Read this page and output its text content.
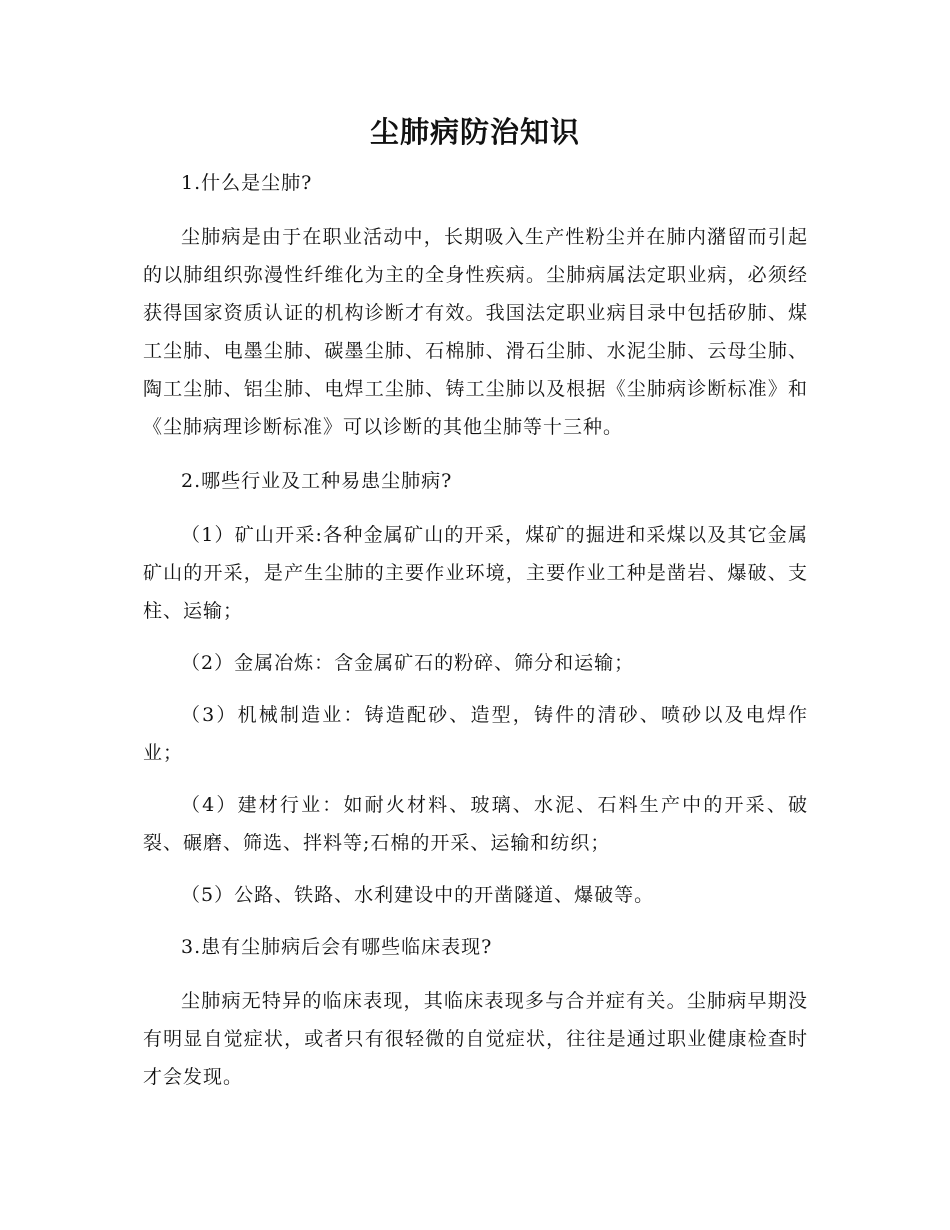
尘肺病防治知识

1.什么是尘肺?

尘肺病是由于在职业活动中，长期吸入生产性粉尘并在肺内潴留而引起的以肺组织弥漫性纤维化为主的全身性疾病。尘肺病属法定职业病，必须经获得国家资质认证的机构诊断才有效。我国法定职业病目录中包括矽肺、煤工尘肺、电墨尘肺、碳墨尘肺、石棉肺、滑石尘肺、水泥尘肺、云母尘肺、陶工尘肺、铝尘肺、电焊工尘肺、铸工尘肺以及根据《尘肺病诊断标准》和《尘肺病理诊断标准》可以诊断的其他尘肺等十三种。

2.哪些行业及工种易患尘肺病?

（1）矿山开采:各种金属矿山的开采，煤矿的掘进和采煤以及其它金属矿山的开采，是产生尘肺的主要作业环境，主要作业工种是凿岩、爆破、支柱、运输；

（2）金属冶炼：含金属矿石的粉碎、筛分和运输；

（3）机械制造业：铸造配砂、造型，铸件的清砂、喷砂以及电焊作业；

（4）建材行业：如耐火材料、玻璃、水泥、石料生产中的开采、破裂、碾磨、筛选、拌料等;石棉的开采、运输和纺织；

（5）公路、铁路、水利建设中的开凿隧道、爆破等。

3.患有尘肺病后会有哪些临床表现?

尘肺病无特异的临床表现，其临床表现多与合并症有关。尘肺病早期没有明显自觉症状，或者只有很轻微的自觉症状，往往是通过职业健康检查时才会发现。
